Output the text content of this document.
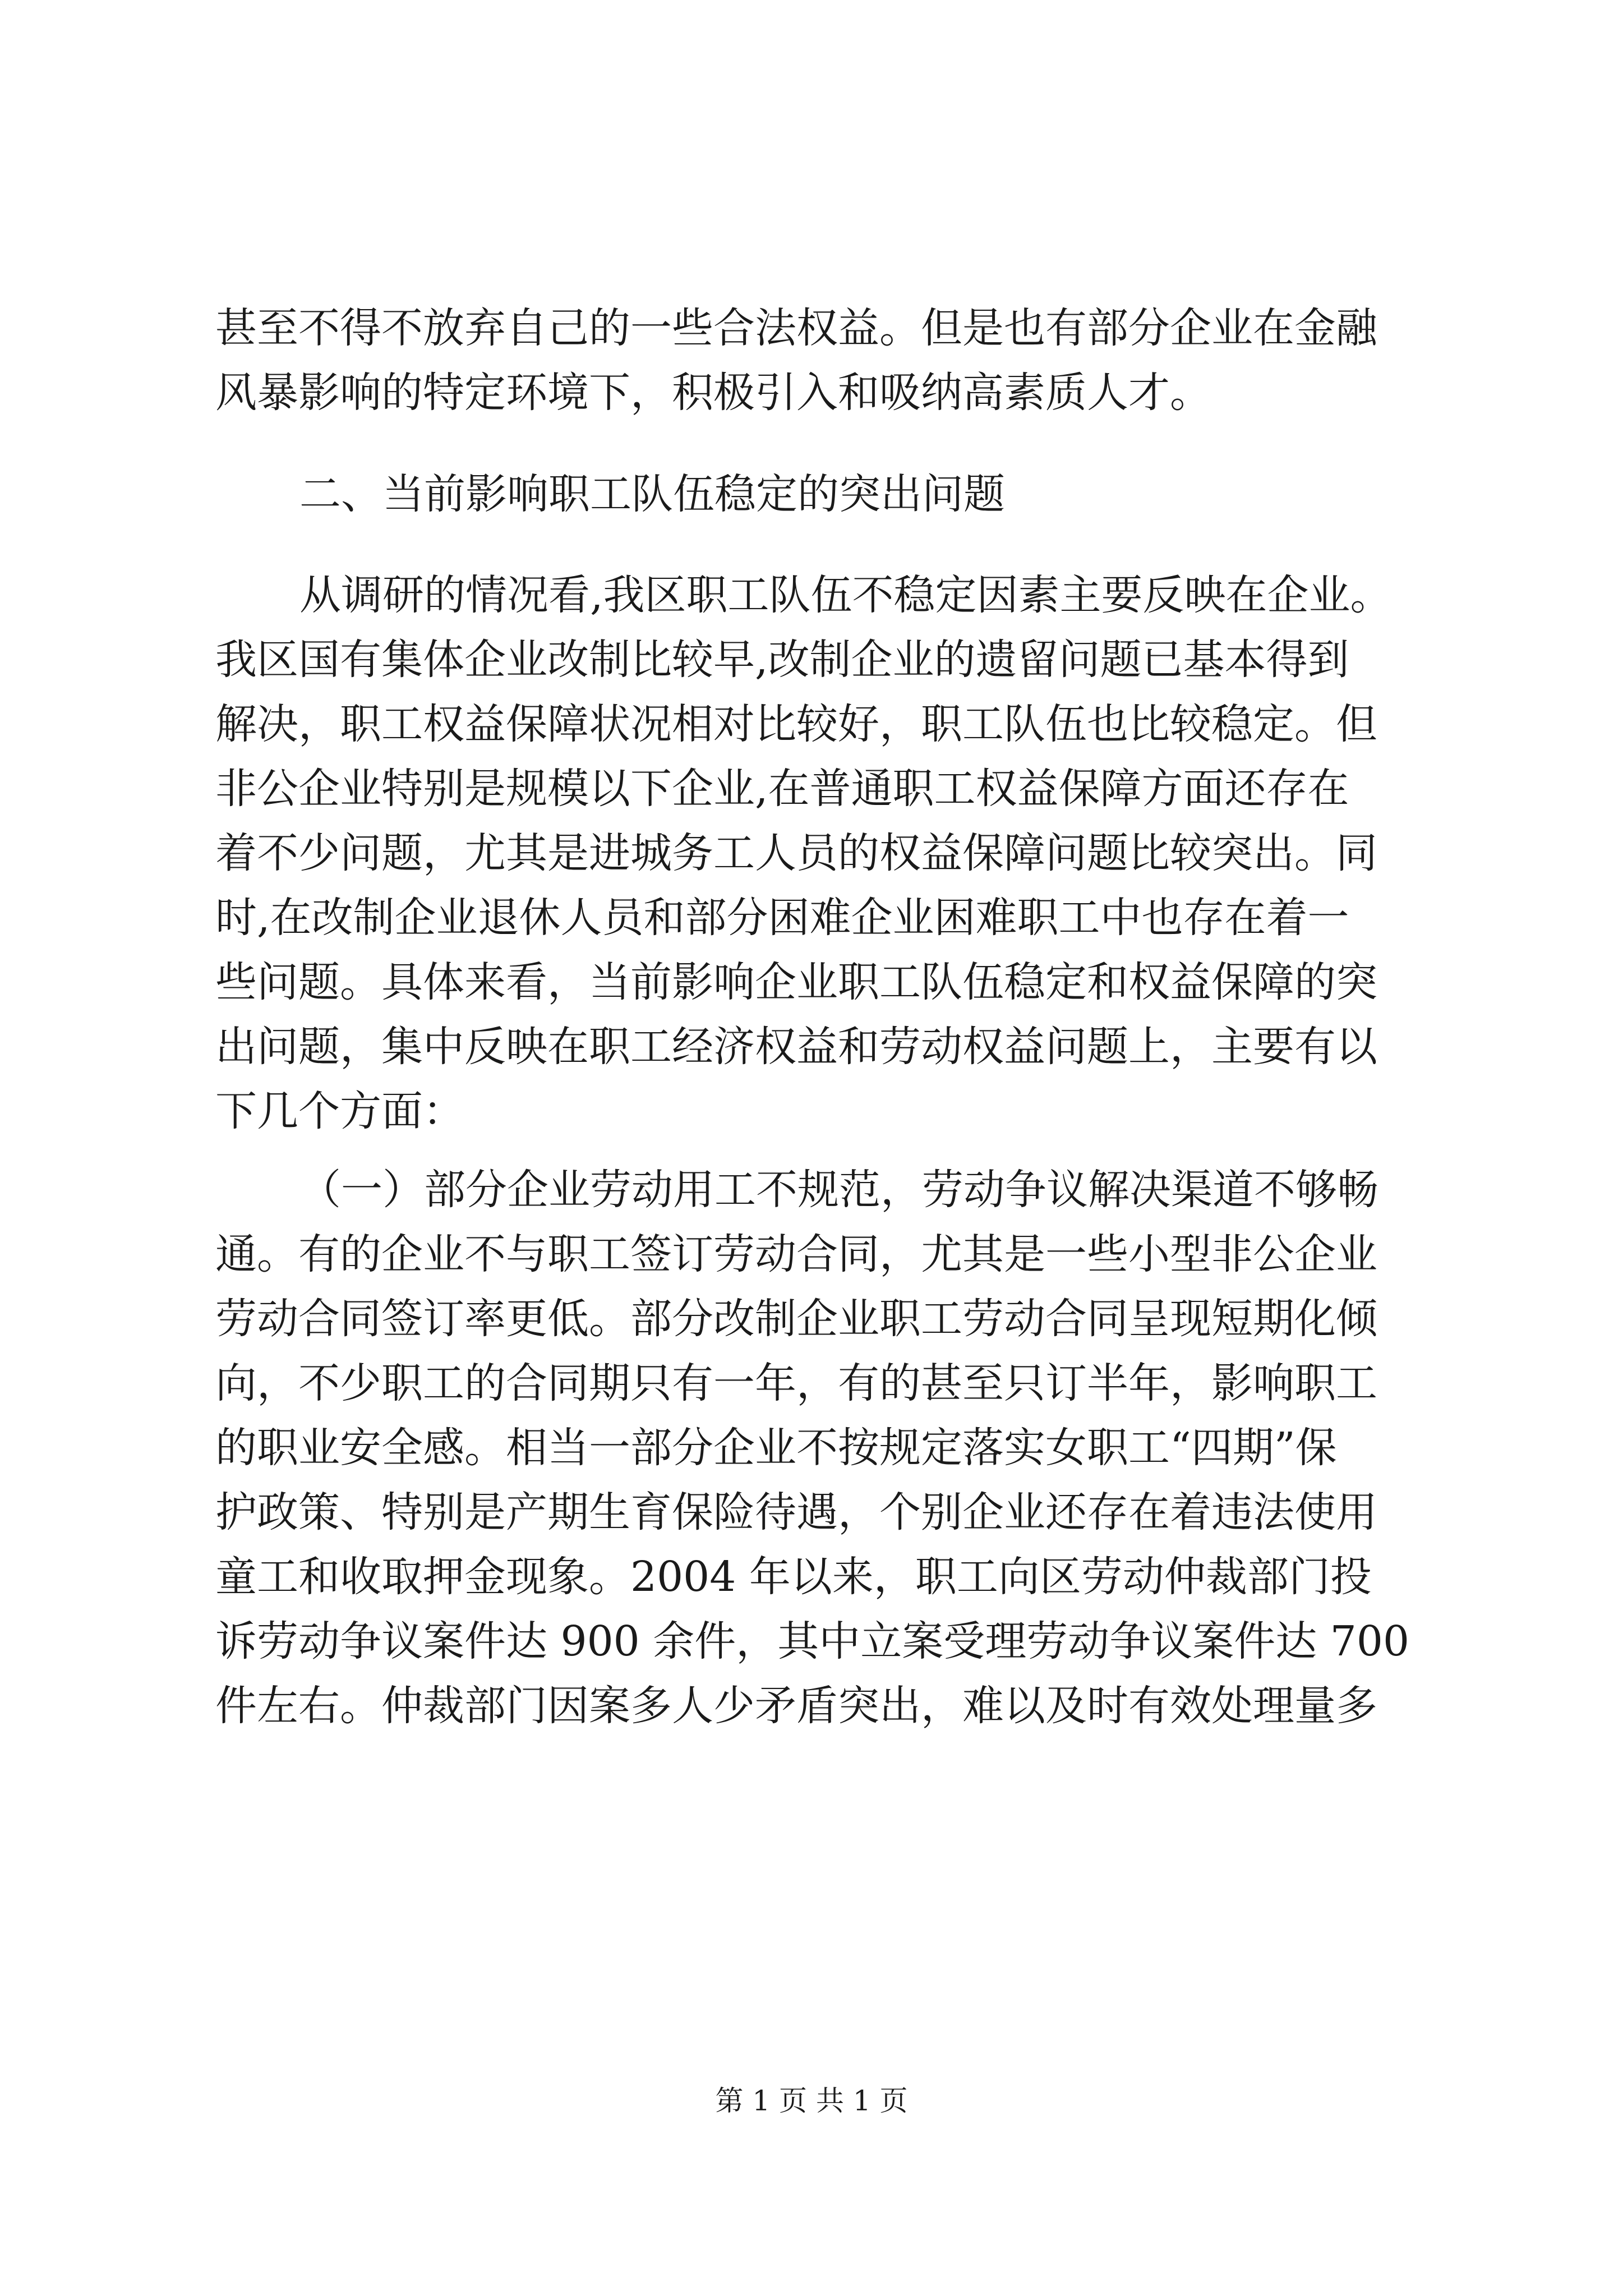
甚至不得不放弃自己的一些合法权益。但是也有部分企业在金融

风暴影响的特定环境下，积极引入和吸纳高素质人才。

二、当前影响职工队伍稳定的突出问题

从调研的情况看,我区职工队伍不稳定因素主要反映在企业。

我区国有集体企业改制比较早,改制企业的遗留问题已基本得到

解决，职工权益保障状况相对比较好，职工队伍也比较稳定。但

非公企业特别是规模以下企业,在普通职工权益保障方面还存在

着不少问题，尤其是进城务工人员的权益保障问题比较突出。同

时,在改制企业退休人员和部分困难企业困难职工中也存在着一

些问题。具体来看，当前影响企业职工队伍稳定和权益保障的突

出问题，集中反映在职工经济权益和劳动权益问题上，主要有以

下几个方面：

（一）部分企业劳动用工不规范，劳动争议解决渠道不够畅

通。有的企业不与职工签订劳动合同，尤其是一些小型非公企业

劳动合同签订率更低。部分改制企业职工劳动合同呈现短期化倾

向，不少职工的合同期只有一年，有的甚至只订半年，影响职工

的职业安全感。相当一部分企业不按规定落实女职工“四期”保

护政策、特别是产期生育保险待遇，个别企业还存在着违法使用

童工和收取押金现象。2004 年以来，职工向区劳动仲裁部门投

诉劳动争议案件达 900 余件，其中立案受理劳动争议案件达 700

件左右。仲裁部门因案多人少矛盾突出，难以及时有效处理量多

第 1 页 共 1 页
